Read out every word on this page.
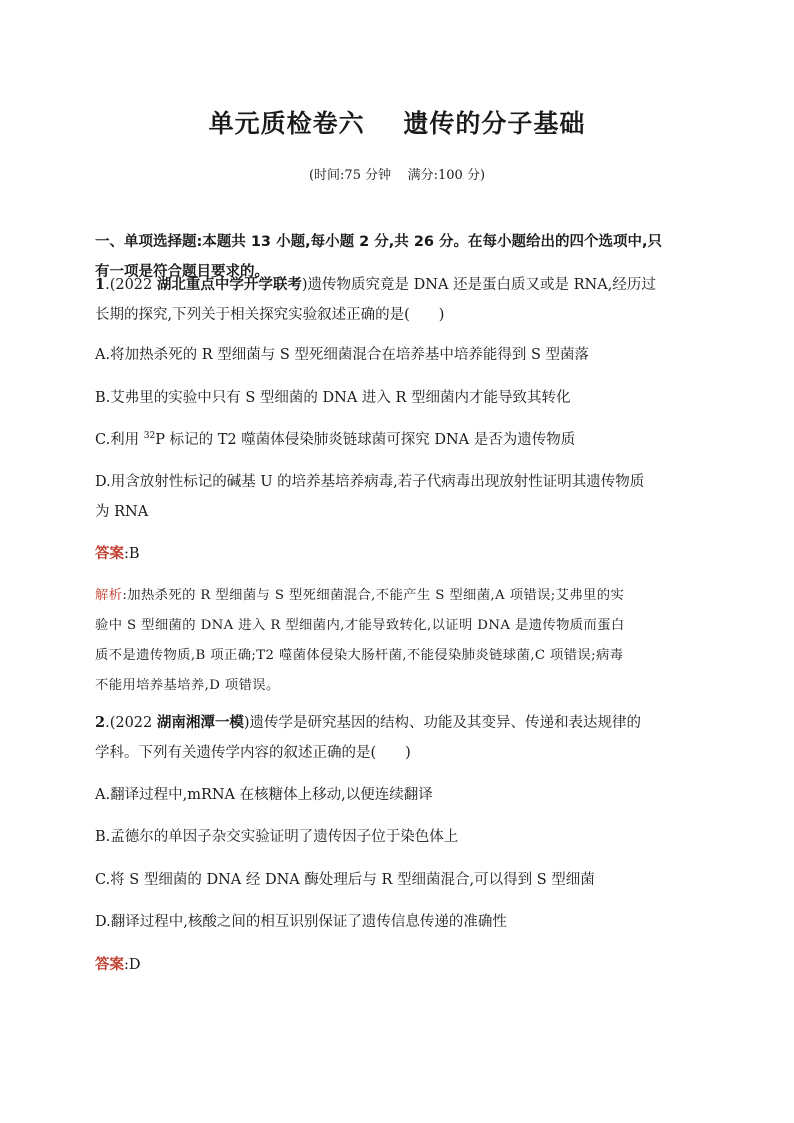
单元质检卷六    遗传的分子基础
(时间:75 分钟    满分:100 分)
一、单项选择题:本题共 13 小题,每小题 2 分,共 26 分。在每小题给出的四个选项中,只
有一项是符合题目要求的。
1.(2022 湖北重点中学开学联考)遗传物质究竟是 DNA 还是蛋白质又或是 RNA,经历过
长期的探究,下列关于相关探究实验叙述正确的是(　　)
A.将加热杀死的 R 型细菌与 S 型死细菌混合在培养基中培养能得到 S 型菌落
B.艾弗里的实验中只有 S 型细菌的 DNA 进入 R 型细菌内才能导致其转化
C.利用 $^{32}$P 标记的 T2 噬菌体侵染肺炎链球菌可探究 DNA 是否为遗传物质
D.用含放射性标记的碱基 U 的培养基培养病毒,若子代病毒出现放射性证明其遗传物质
为 RNA
答案:B
解析:加热杀死的 R 型细菌与 S 型死细菌混合,不能产生 S 型细菌,A 项错误;艾弗里的实
验中 S 型细菌的 DNA 进入 R 型细菌内,才能导致转化,以证明 DNA 是遗传物质而蛋白
质不是遗传物质,B 项正确;T2 噬菌体侵染大肠杆菌,不能侵染肺炎链球菌,C 项错误;病毒
不能用培养基培养,D 项错误。
2.(2022 湖南湘潭一模)遗传学是研究基因的结构、功能及其变异、传递和表达规律的
学科。下列有关遗传学内容的叙述正确的是(　　)
A.翻译过程中,mRNA 在核糖体上移动,以便连续翻译
B.孟德尔的单因子杂交实验证明了遗传因子位于染色体上
C.将 S 型细菌的 DNA 经 DNA 酶处理后与 R 型细菌混合,可以得到 S 型细菌
D.翻译过程中,核酸之间的相互识别保证了遗传信息传递的准确性
答案:D
